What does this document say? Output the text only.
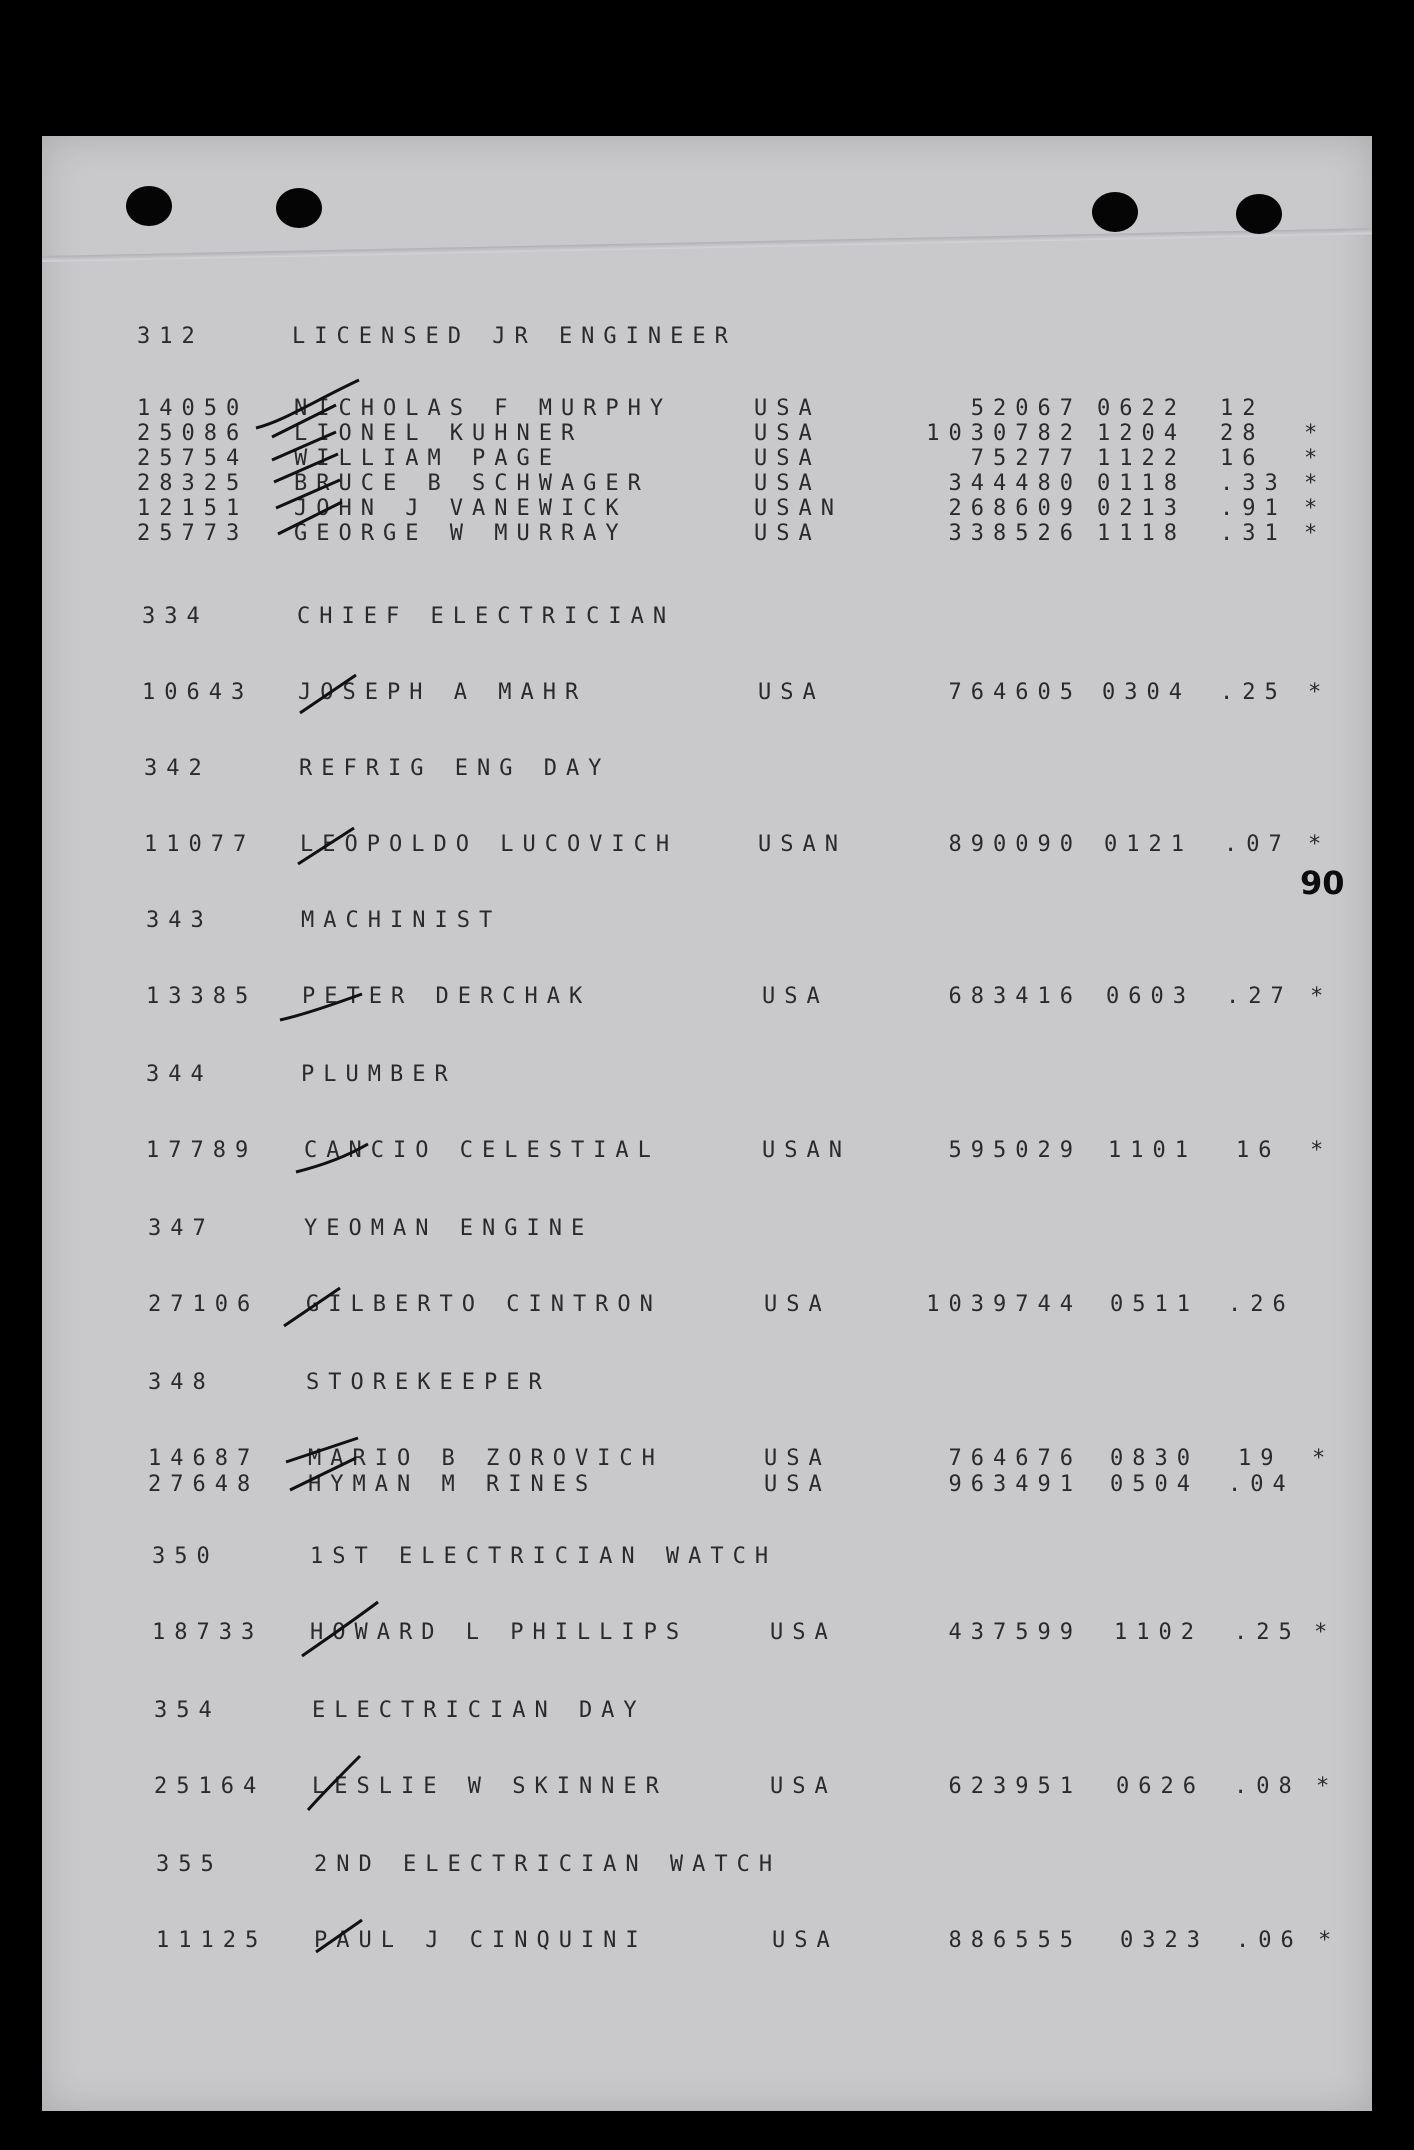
90
312	LICENSED JR ENGINEER
14050 NICHOLAS F MURPHY	USA	52067 0622 12
25086 LIONEL KUHNER	USA	1030782 1204 28 *
25754 WILLIAM PAGE	USA	75277 1122 16 *
28325 BRUCE B SCHWAGER	USA	344480 0118 .33 *
12151 JOHN J VANEWICK	USAN	268609 0213 .91 *
25773 GEORGE W MURRAY	USA	338526 1118 .31 *
334	CHIEF ELECTRICIAN
10643 JOSEPH A MAHR	USA	764605 0304 .25 *
342	REFRIG ENG DAY
11077 LEOPOLDO LUCOVICH	USAN	890090 0121 .07 *
343	MACHINIST
13385 PETER DERCHAK	USA	683416 0603 .27 *
344	PLUMBER
17789 CANCIO CELESTIAL	USAN	595029 1101 16 *
347	YEOMAN ENGINE
27106 GILBERTO CINTRON	USA	1039744 0511 .26
348	STOREKEEPER
14687 MARIO B ZOROVICH	USA	764676 0830 19 *
27648 HYMAN M RINES	USA	963491 0504 .04
350	1ST ELECTRICIAN WATCH
18733 HOWARD L PHILLIPS	USA	437599 1102 .25 *
354	ELECTRICIAN DAY
25164 LESLIE W SKINNER	USA	623951 0626 .08 *
355	2ND ELECTRICIAN WATCH
11125 PAUL J CINQUINI	USA	886555 0323 .06 *
